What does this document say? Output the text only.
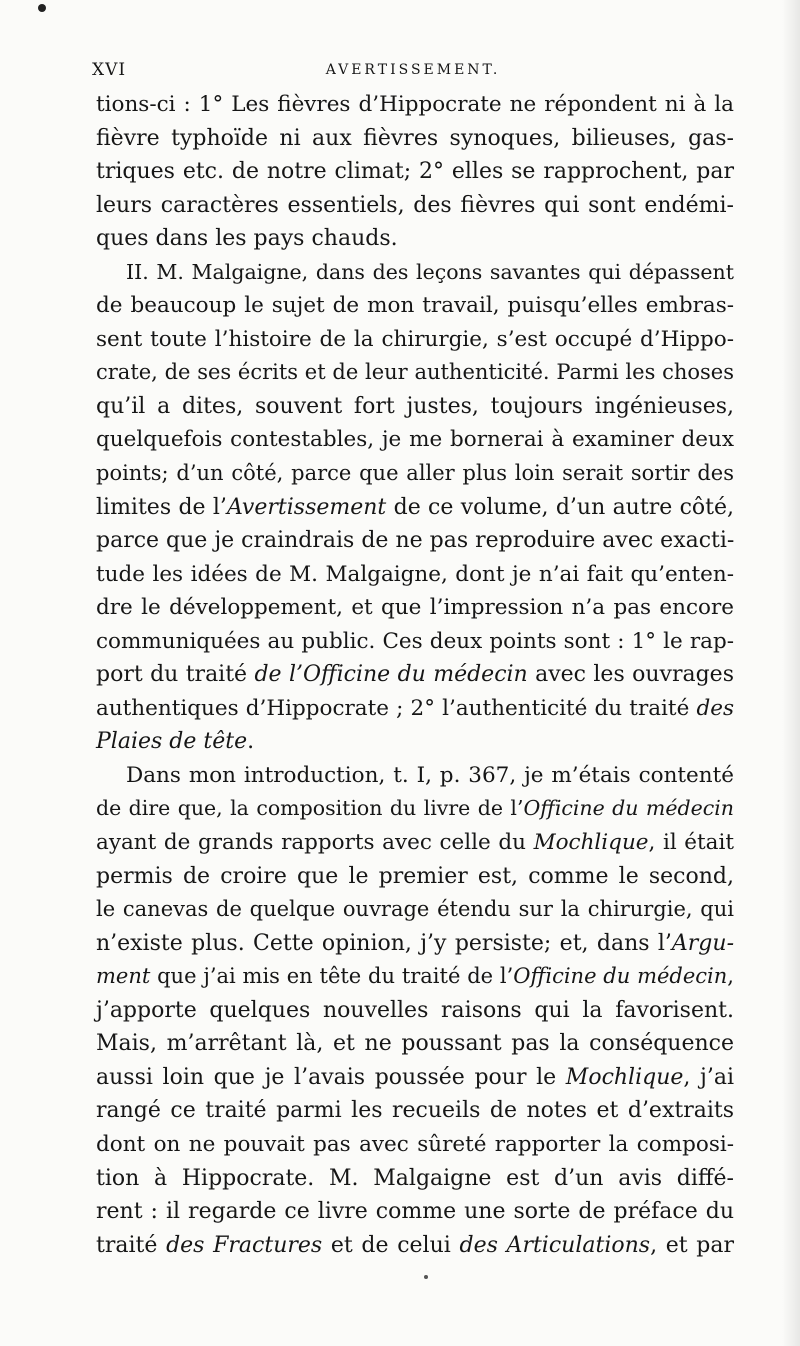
XVI	AVERTISSEMENT.
tions-ci : 1° Les fièvres d’Hippocrate ne répondent ni à la
fièvre typhoïde ni aux fièvres synoques, bilieuses, gas-
triques etc. de notre climat; 2° elles se rapprochent, par
leurs caractères essentiels, des fièvres qui sont endémi-
ques dans les pays chauds.
II. M. Malgaigne, dans des leçons savantes qui dépassent
de beaucoup le sujet de mon travail, puisqu’elles embras-
sent toute l’histoire de la chirurgie, s’est occupé d’Hippo-
crate, de ses écrits et de leur authenticité. Parmi les choses
qu’il a dites, souvent fort justes, toujours ingénieuses,
quelquefois contestables, je me bornerai à examiner deux
points; d’un côté, parce que aller plus loin serait sortir des
limites de l’Avertissement de ce volume, d’un autre côté,
parce que je craindrais de ne pas reproduire avec exacti-
tude les idées de M. Malgaigne, dont je n’ai fait qu’enten-
dre le développement, et que l’impression n’a pas encore
communiquées au public. Ces deux points sont : 1° le rap-
port du traité de l’Officine du médecin avec les ouvrages
authentiques d’Hippocrate ; 2° l’authenticité du traité des
Plaies de tête.
Dans mon introduction, t. I, p. 367, je m’étais contenté
de dire que, la composition du livre de l’Officine du médecin
ayant de grands rapports avec celle du Mochlique, il était
permis de croire que le premier est, comme le second,
le canevas de quelque ouvrage étendu sur la chirurgie, qui
n’existe plus. Cette opinion, j’y persiste; et, dans l’Argu-
ment que j’ai mis en tête du traité de l’Officine du médecin,
j’apporte quelques nouvelles raisons qui la favorisent.
Mais, m’arrêtant là, et ne poussant pas la conséquence
aussi loin que je l’avais poussée pour le Mochlique, j’ai
rangé ce traité parmi les recueils de notes et d’extraits
dont on ne pouvait pas avec sûreté rapporter la composi-
tion à Hippocrate. M. Malgaigne est d’un avis diffé-
rent : il regarde ce livre comme une sorte de préface du
traité des Fractures et de celui des Articulations, et par
